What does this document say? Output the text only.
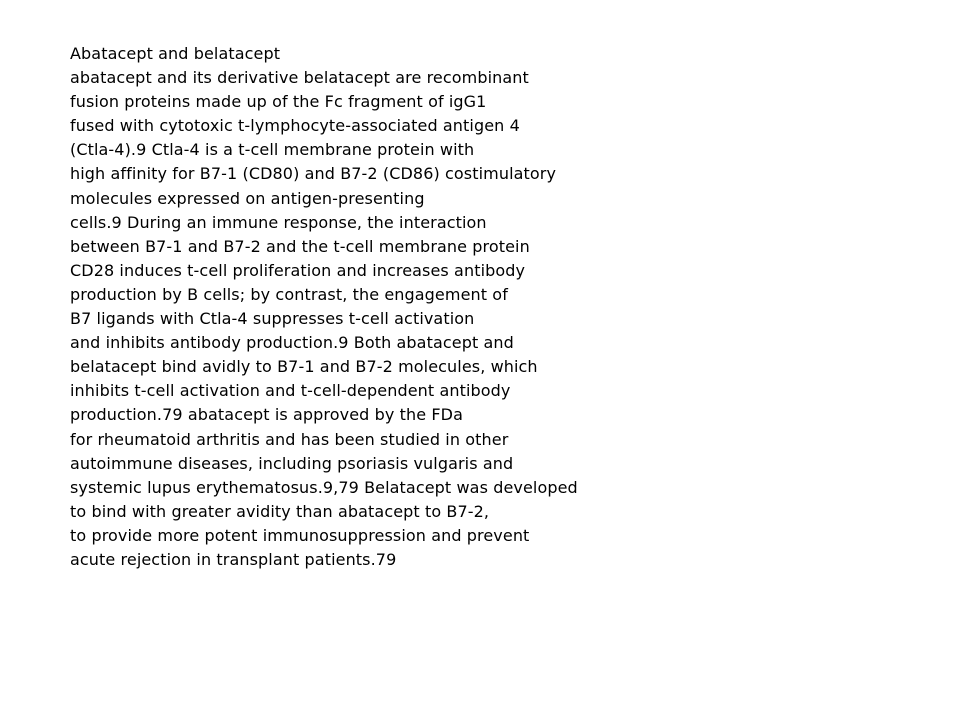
Abatacept and belatacept
abatacept and its derivative belatacept are recombinant
fusion proteins made up of the Fc fragment of igG1
fused with cytotoxic t-lymphocyte-associated antigen 4
(Ctla-4).9 Ctla-4 is a t-cell membrane protein with
high affinity for B7-1 (CD80) and B7-2 (CD86) costimulatory
molecules expressed on antigen-presenting
cells.9 During an immune response, the interaction
between B7-1 and B7-2 and the t-cell membrane protein
CD28 induces t-cell proliferation and increases antibody
production by B cells; by contrast, the engagement of
B7 ligands with Ctla-4 suppresses t-cell activation
and inhibits antibody production.9 Both abatacept and
belatacept bind avidly to B7-1 and B7-2 molecules, which
inhibits t-cell activation and t-cell-dependent antibody
production.79 abatacept is approved by the FDa
for rheumatoid arthritis and has been studied in other
autoimmune diseases, including psoriasis vulgaris and
systemic lupus erythematosus.9,79 Belatacept was developed
to bind with greater avidity than abatacept to B7-2,
to provide more potent immunosuppression and prevent
acute rejection in transplant patients.79
